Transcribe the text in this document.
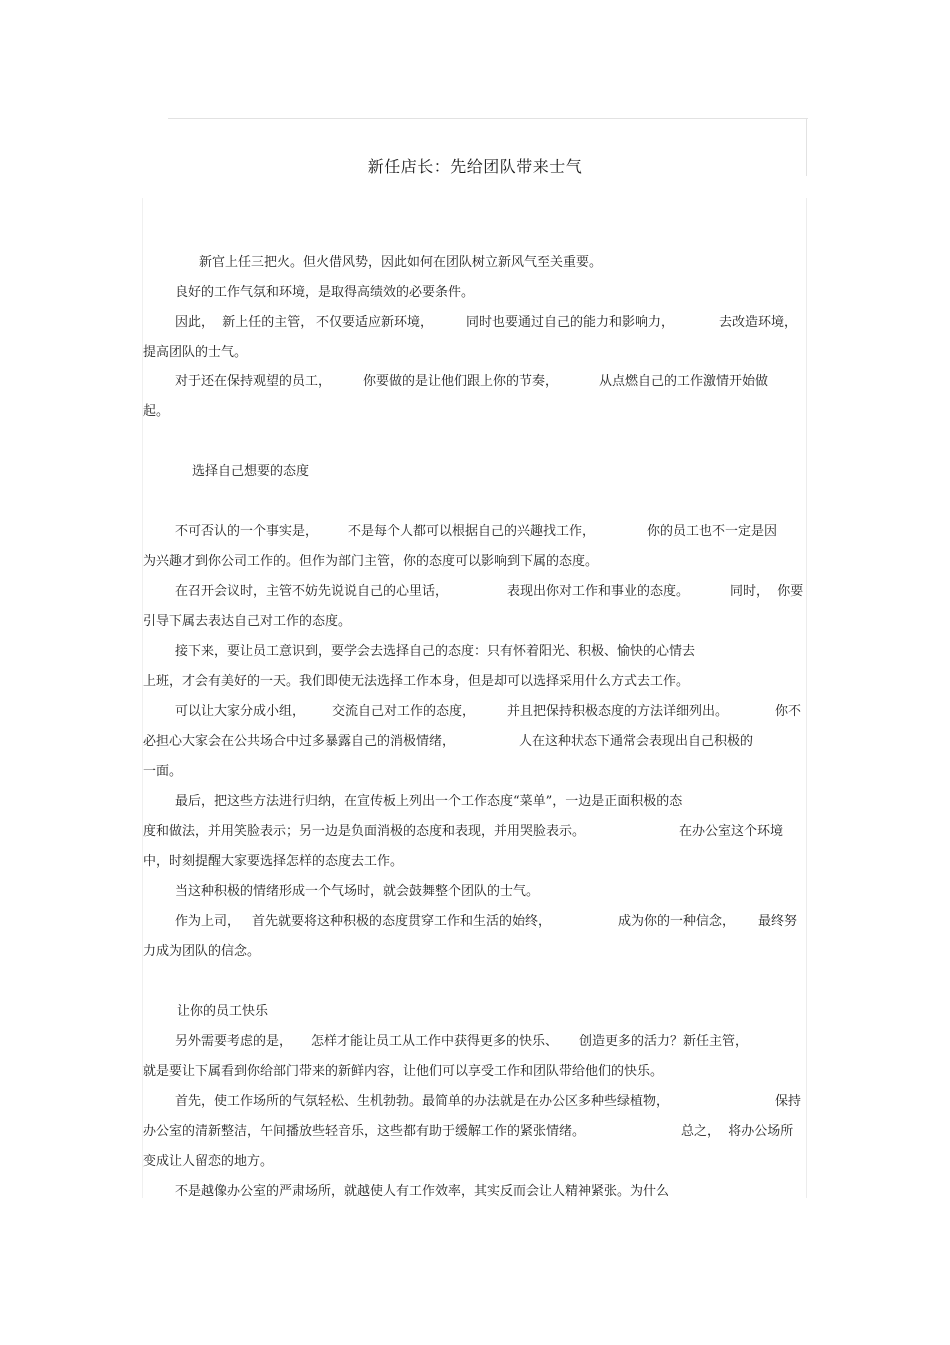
新任店长：先给团队带来士气
新官上任三把火。但火借风势，因此如何在团队树立新风气至关重要。
良好的工作气氛和环境，是取得高绩效的必要条件。
因此，  新上任的主管， 不仅要适应新环境，	同时也要通过自己的能力和影响力，	去改造环境，
提高团队的士气。
对于还在保持观望的员工， 你要做的是让他们跟上你的节奏，	从点燃自己的工作激情开始做
起。
选择自己想要的态度
不可否认的一个事实是， 不是每个人都可以根据自己的兴趣找工作，	你的员工也不一定是因
为兴趣才到你公司工作的。但作为部门主管，你的态度可以影响到下属的态度。
在召开会议时，主管不妨先说说自己的心里话，	表现出你对工作和事业的态度。	同时，  你要
引导下属去表达自己对工作的态度。
接下来，要让员工意识到，要学会去选择自己的态度：只有怀着阳光、积极、愉快的心情去
上班，才会有美好的一天。我们即使无法选择工作本身，但是却可以选择采用什么方式去工作。
可以让大家分成小组， 交流自己对工作的态度， 并且把保持积极态度的方法详细列出。	你不
必担心大家会在公共场合中过多暴露自己的消极情绪，	人在这种状态下通常会表现出自己积极的
一面。
最后，把这些方法进行归纳，在宣传板上列出一个工作态度“菜单”，一边是正面积极的态
度和做法，并用笑脸表示；另一边是负面消极的态度和表现，并用哭脸表示。	在办公室这个环境
中，时刻提醒大家要选择怎样的态度去工作。
当这种积极的情绪形成一个气场时，就会鼓舞整个团队的士气。
作为上司， 首先就要将这种积极的态度贯穿工作和生活的始终，	成为你的一种信念， 最终努
力成为团队的信念。
让你的员工快乐
另外需要考虑的是， 怎样才能让员工从工作中获得更多的快乐、 创造更多的活力？新任主管，
就是要让下属看到你给部门带来的新鲜内容，让他们可以享受工作和团队带给他们的快乐。
首先，使工作场所的气氛轻松、生机勃勃。最简单的办法就是在办公区多种些绿植物，	保持
办公室的清新整洁，午间播放些轻音乐，这些都有助于缓解工作的紧张情绪。	总之，  将办公场所
变成让人留恋的地方。
不是越像办公室的严肃场所，就越使人有工作效率，其实反而会让人精神紧张。为什么
